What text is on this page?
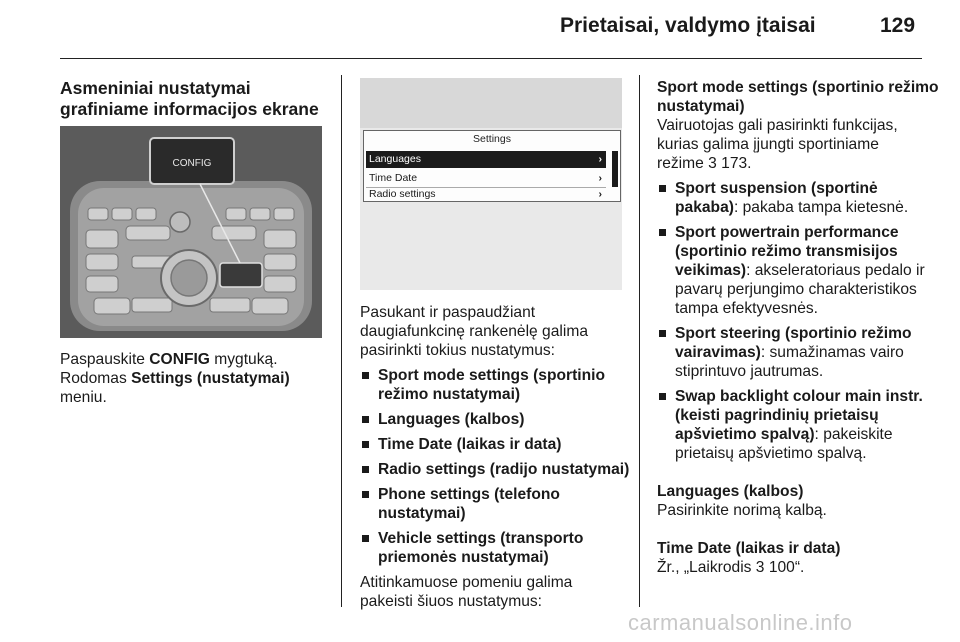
Prietaisai, valdymo įtaisai	129
Asmeniniai nustatymai
grafiniame informacijos ekrane
CONFIG

Paspauskite CONFIG mygtuką.

Rodomas Settings (nustatymai)

meniu.

Settings
Languages	›
Time Date	›
Radio settings	›

Pasukant ir paspaudžiant

daugiafunkcinę rankenėlę galima

pasirinkti tokius nustatymus:

Sport mode settings (sportinio
režimo nustatymai)
Languages (kalbos)
Time Date (laikas ir data)
Radio settings (radijo nustatymai)
Phone settings (telefono
nustatymai)
Vehicle settings (transporto
priemonės nustatymai)

Atitinkamuose pomeniu galima

pakeisti šiuos nustatymus:

Sport mode settings (sportinio režimo

nustatymai)

Vairuotojas gali pasirinkti funkcijas,

kurias galima įjungti sportiniame

režime 3 173.

Sport suspension (sportinė
pakaba): pakaba tampa kietesnė.
Sport powertrain performance
(sportinio režimo transmisijos
veikimas): akseleratoriaus pedalo ir
pavarų perjungimo charakteristikos
tampa efektyvesnės.
Sport steering (sportinio režimo
vairavimas): sumažinamas vairo
stiprintuvo jautrumas.
Swap backlight colour main instr.
(keisti pagrindinių prietaisų
apšvietimo spalvą): pakeiskite
prietaisų apšvietimo spalvą.

Languages (kalbos)

Pasirinkite norimą kalbą.

Time Date (laikas ir data)

Žr., „Laikrodis 3 100“.

carmanualsonline.info
